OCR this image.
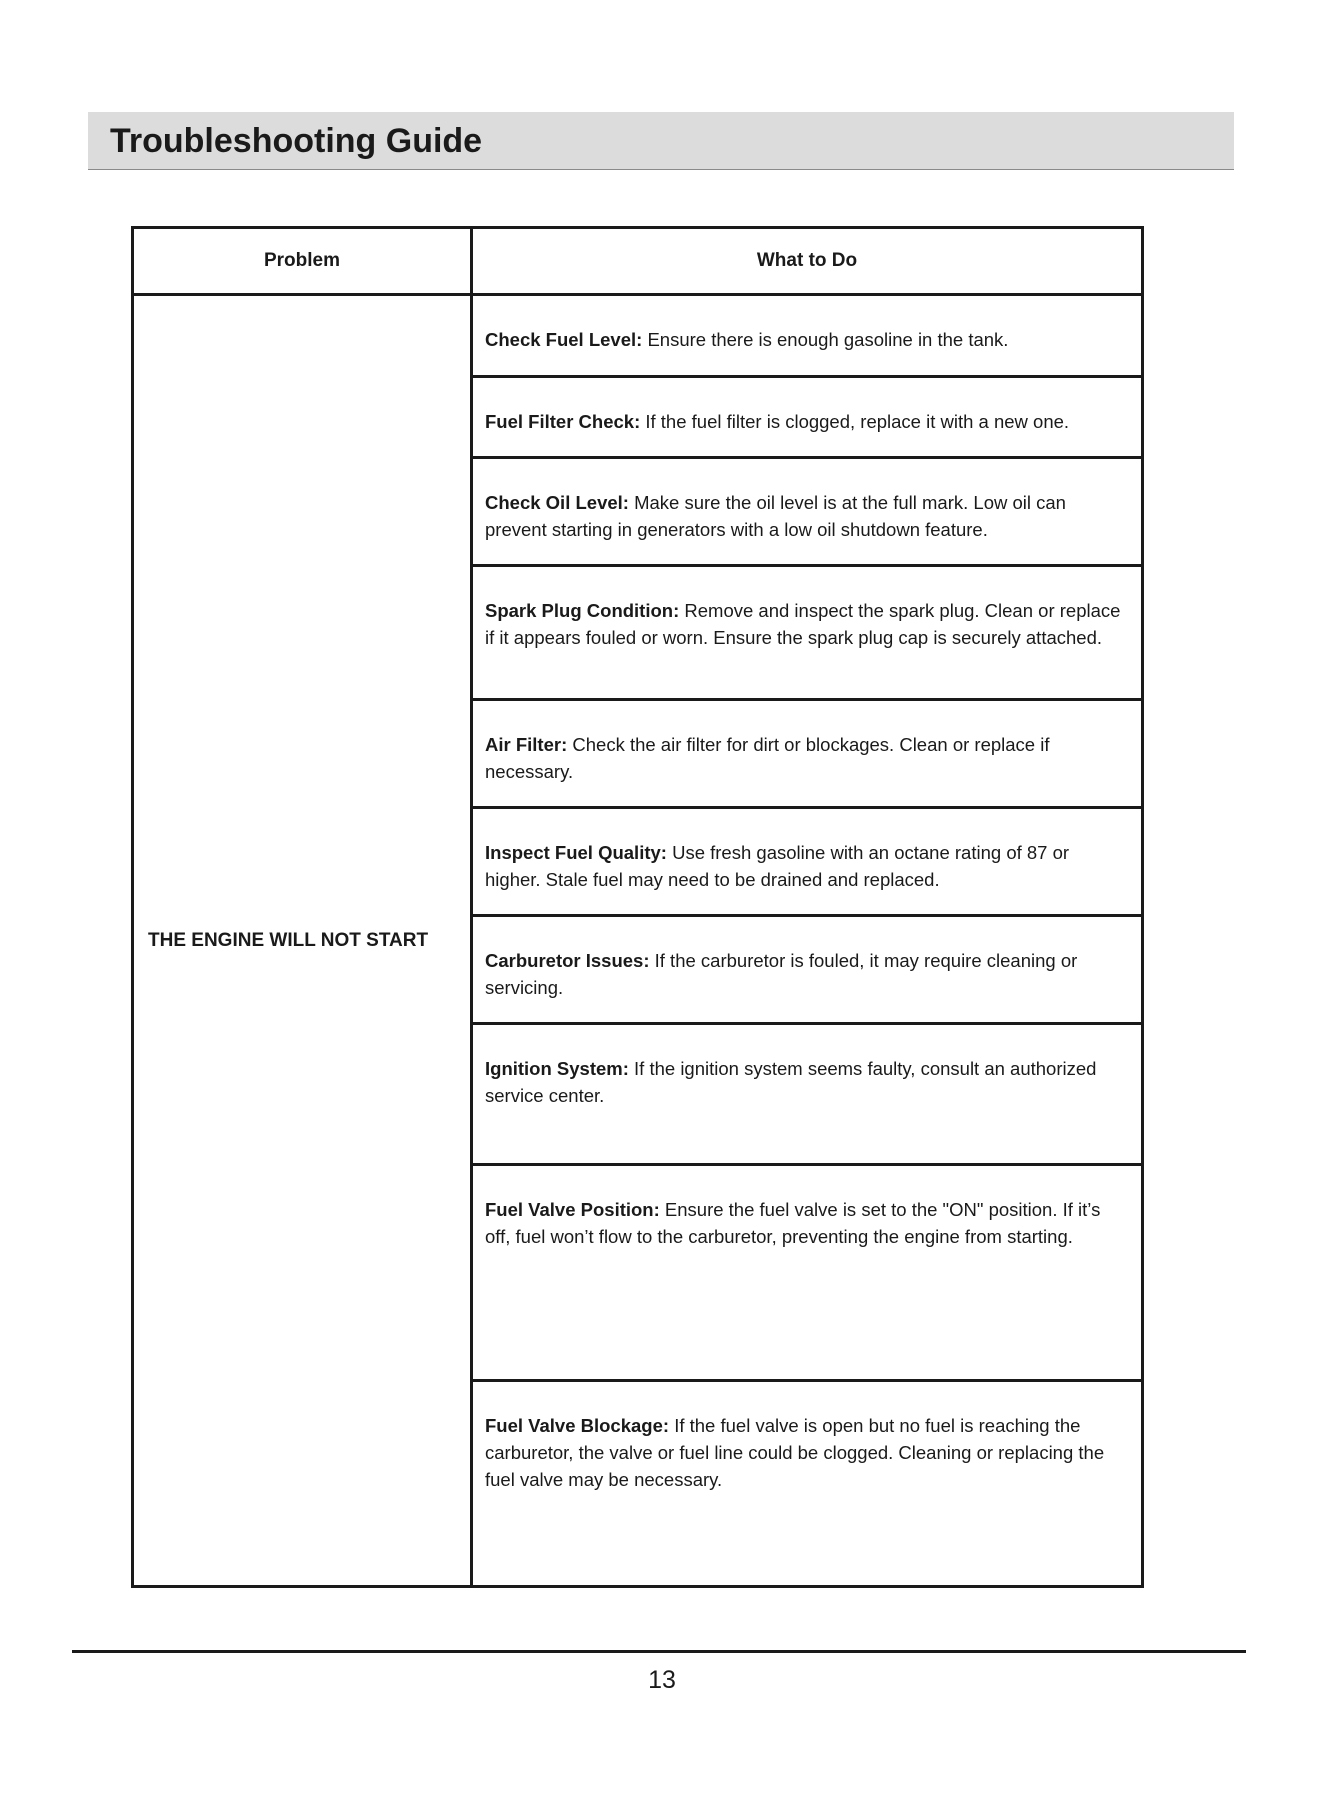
Troubleshooting Guide
Problem	What to Do
THE ENGINE WILL NOT START	Check Fuel Level: Ensure there is enough gasoline in the tank.
	Fuel Filter Check: If the fuel filter is clogged, replace it with a new one.
	Check Oil Level: Make sure the oil level is at the full mark. Low oil can prevent starting in generators with a low oil shutdown feature.
	Spark Plug Condition: Remove and inspect the spark plug. Clean or replace if it appears fouled or worn. Ensure the spark plug cap is securely attached.
	Air Filter: Check the air filter for dirt or blockages. Clean or replace if necessary.
	Inspect Fuel Quality: Use fresh gasoline with an octane rating of 87 or higher. Stale fuel may need to be drained and replaced.
	Carburetor Issues: If the carburetor is fouled, it may require cleaning or servicing.
	Ignition System: If the ignition system seems faulty, consult an authorized service center.
	Fuel Valve Position: Ensure the fuel valve is set to the "ON" position. If it’s off, fuel won’t flow to the carburetor, preventing the engine from starting.
	Fuel Valve Blockage: If the fuel valve is open but no fuel is reaching the carburetor, the valve or fuel line could be clogged. Cleaning or replacing the fuel valve may be necessary.
13
